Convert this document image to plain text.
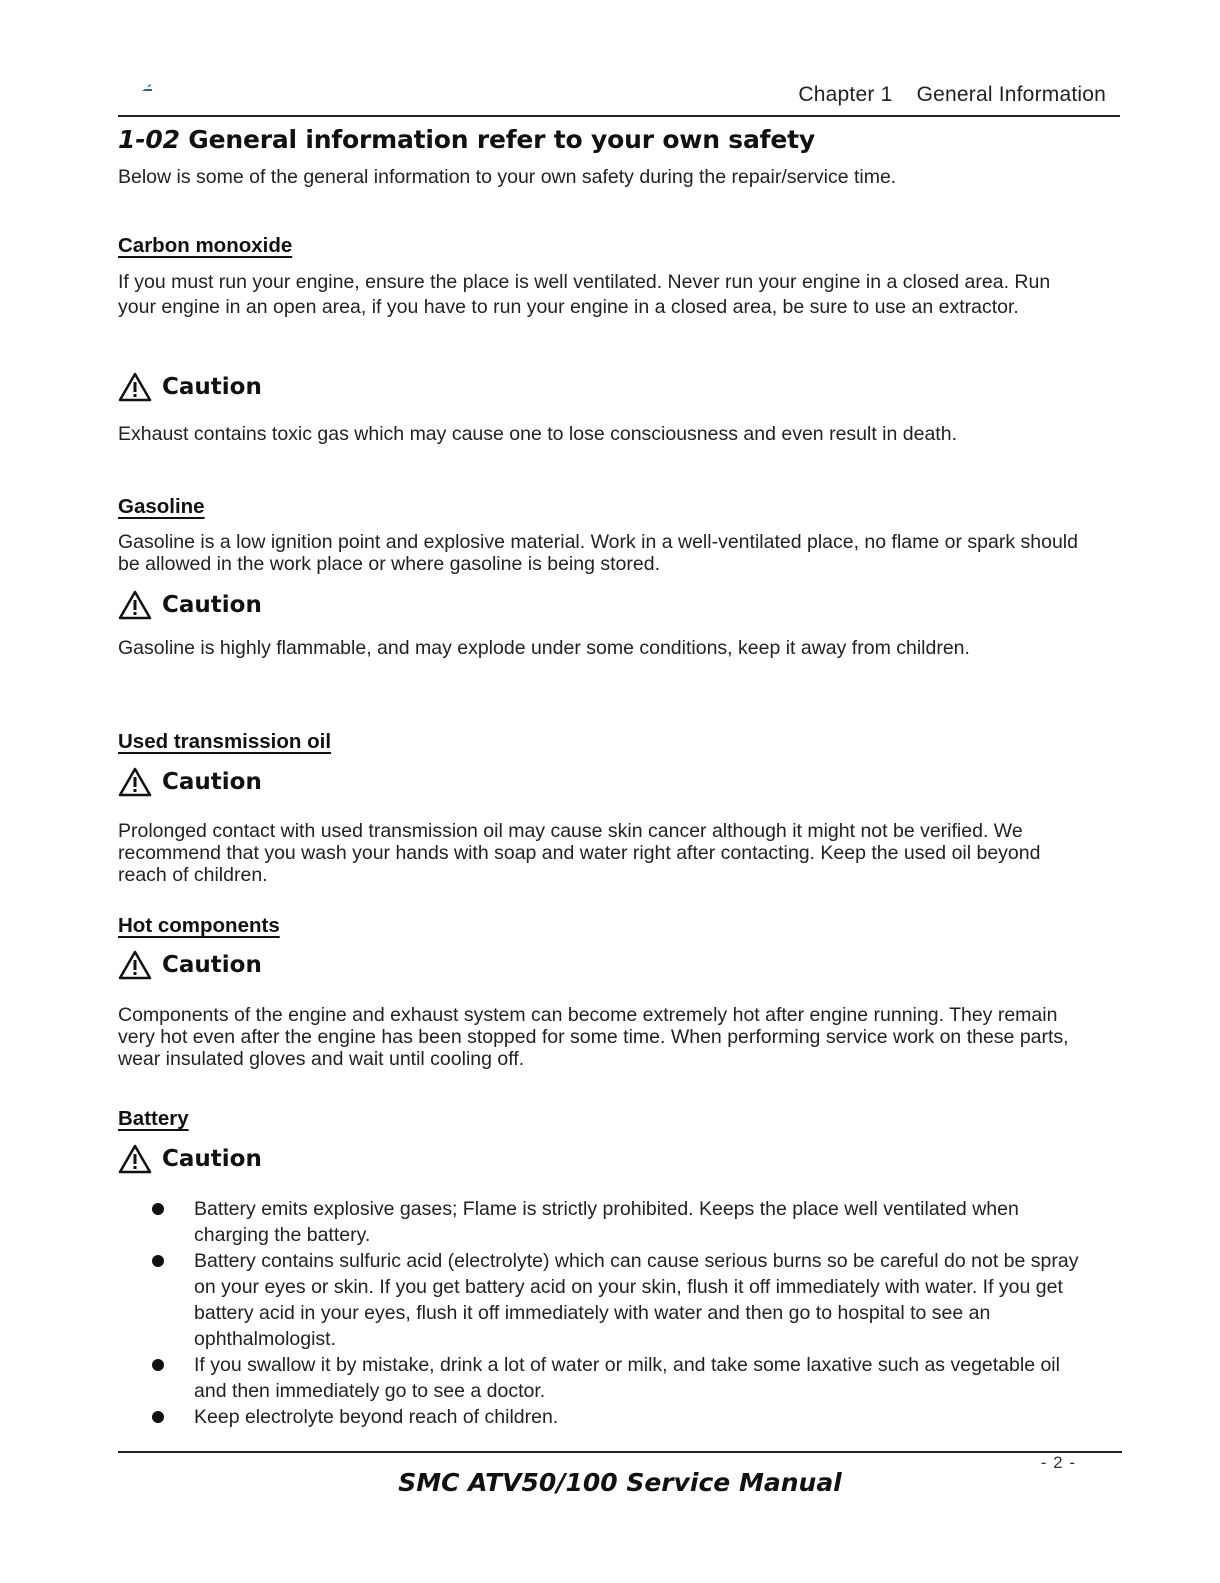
Chapter 1 General Information
1-02 General information refer to your own safety
Below is some of the general information to your own safety during the repair/service time.
Carbon monoxide

If you must run your engine, ensure the place is well ventilated. Never run your engine in a closed area. Run your engine in an open area, if you have to run your engine in a closed area, be sure to use an extractor.

Caution

Exhaust contains toxic gas which may cause one to lose consciousness and even result in death.

Gasoline

Gasoline is a low ignition point and explosive material. Work in a well-ventilated place, no flame or spark should be allowed in the work place or where gasoline is being stored.

Caution

Gasoline is highly flammable, and may explode under some conditions, keep it away from children.

Used transmission oil
Caution

Prolonged contact with used transmission oil may cause skin cancer although it might not be verified. We recommend that you wash your hands with soap and water right after contacting. Keep the used oil beyond reach of children.

Hot components
Caution

Components of the engine and exhaust system can become extremely hot after engine running. They remain very hot even after the engine has been stopped for some time. When performing service work on these parts, wear insulated gloves and wait until cooling off.

Battery
Caution
Battery emits explosive gases; Flame is strictly prohibited. Keeps the place well ventilated when charging the battery.
Battery contains sulfuric acid (electrolyte) which can cause serious burns so be careful do not be spray on your eyes or skin. If you get battery acid on your skin, flush it off immediately with water. If you get battery acid in your eyes, flush it off immediately with water and then go to hospital to see an ophthalmologist.
If you swallow it by mistake, drink a lot of water or milk, and take some laxative such as vegetable oil and then immediately go to see a doctor.
Keep electrolyte beyond reach of children.
- 2 -
SMC ATV50/100 Service Manual
